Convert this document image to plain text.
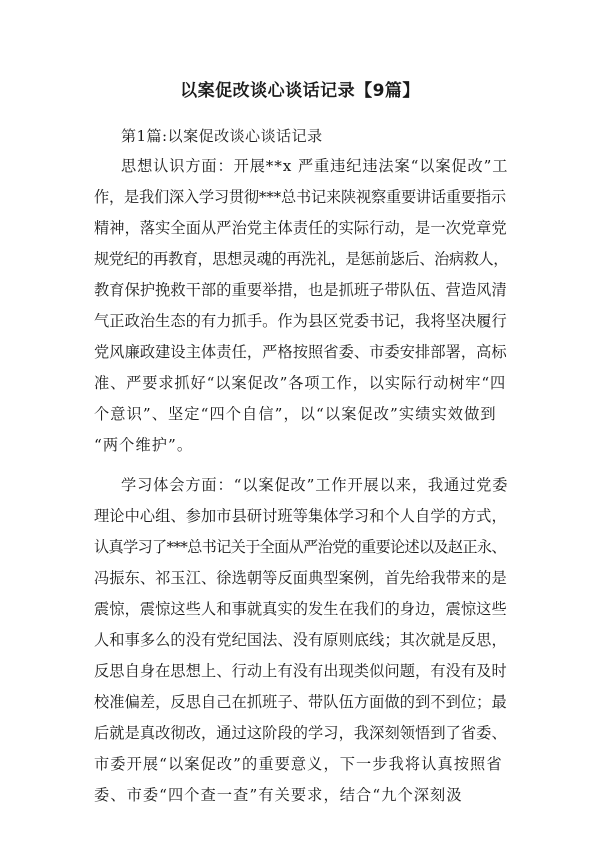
以案促改谈心谈话记录【9篇】
第1篇:以案促改谈心谈话记录
思想认识方面：开展**x 严重违纪违法案“以案促改”工
作，是我们深入学习贯彻***总书记来陕视察重要讲话重要指示
精神，落实全面从严治党主体责任的实际行动，是一次党章党
规党纪的再教育，思想灵魂的再洗礼，是惩前毖后、治病救人，
教育保护挽救干部的重要举措，也是抓班子带队伍、营造风清
气正政治生态的有力抓手。作为县区党委书记，我将坚决履行
党风廉政建设主体责任，严格按照省委、市委安排部署，高标
准、严要求抓好“以案促改”各项工作，以实际行动树牢“四
个意识”、坚定“四个自信”，以“以案促改”实绩实效做到
“两个维护”。
学习体会方面：“以案促改”工作开展以来，我通过党委
理论中心组、参加市县研讨班等集体学习和个人自学的方式，
认真学习了***总书记关于全面从严治党的重要论述以及赵正永、
冯振东、祁玉江、徐选朝等反面典型案例，首先给我带来的是
震惊，震惊这些人和事就真实的发生在我们的身边，震惊这些
人和事多么的没有党纪国法、没有原则底线；其次就是反思，
反思自身在思想上、行动上有没有出现类似问题，有没有及时
校准偏差，反思自己在抓班子、带队伍方面做的到不到位；最
后就是真改彻改，通过这阶段的学习，我深刻领悟到了省委、
市委开展“以案促改”的重要意义，下一步我将认真按照省
委、市委“四个查一查”有关要求，结合“九个深刻汲
